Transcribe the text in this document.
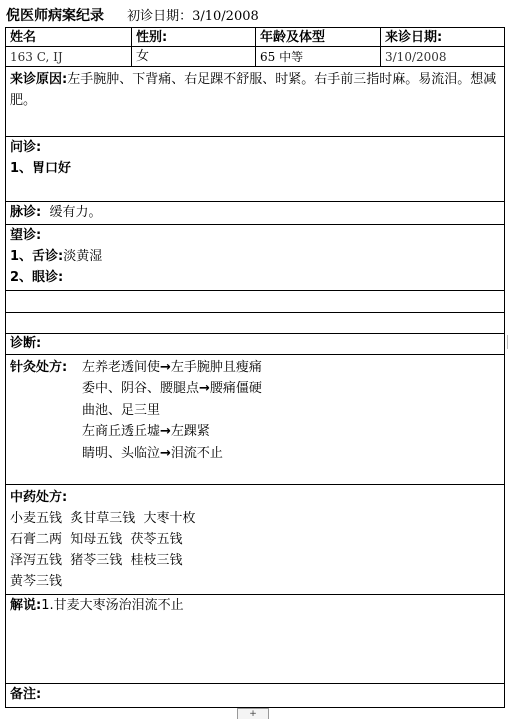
倪医师病案纪录 初诊日期：3/10/2008
姓名	性别:	年龄及体型	来诊日期:
163 C, IJ	女	65 中等	3/10/2008
来诊原因:左手腕肿、下背痛、右足踝不舒服、时紧。右手前三指时麻。易流泪。想减肥。
问诊:
1、胃口好
脉诊: 缓有力。
望诊:
1、舌诊:淡黄湿
2、眼诊:
诊断:
针灸处方: 左养老透间使→左手腕肿且瘦痛
委中、阴谷、腰腿点→腰痛僵硬
曲池、足三里
左商丘透丘墟→左踝紧
睛明、头临泣→泪流不止
中药处方:
小麦五钱  炙甘草三钱  大枣十枚
石膏二两  知母五钱  茯苓五钱
泽泻五钱  猪苓三钱  桂枝三钱
黄芩三钱
解说:1.甘麦大枣汤治泪流不止
备注:
+
